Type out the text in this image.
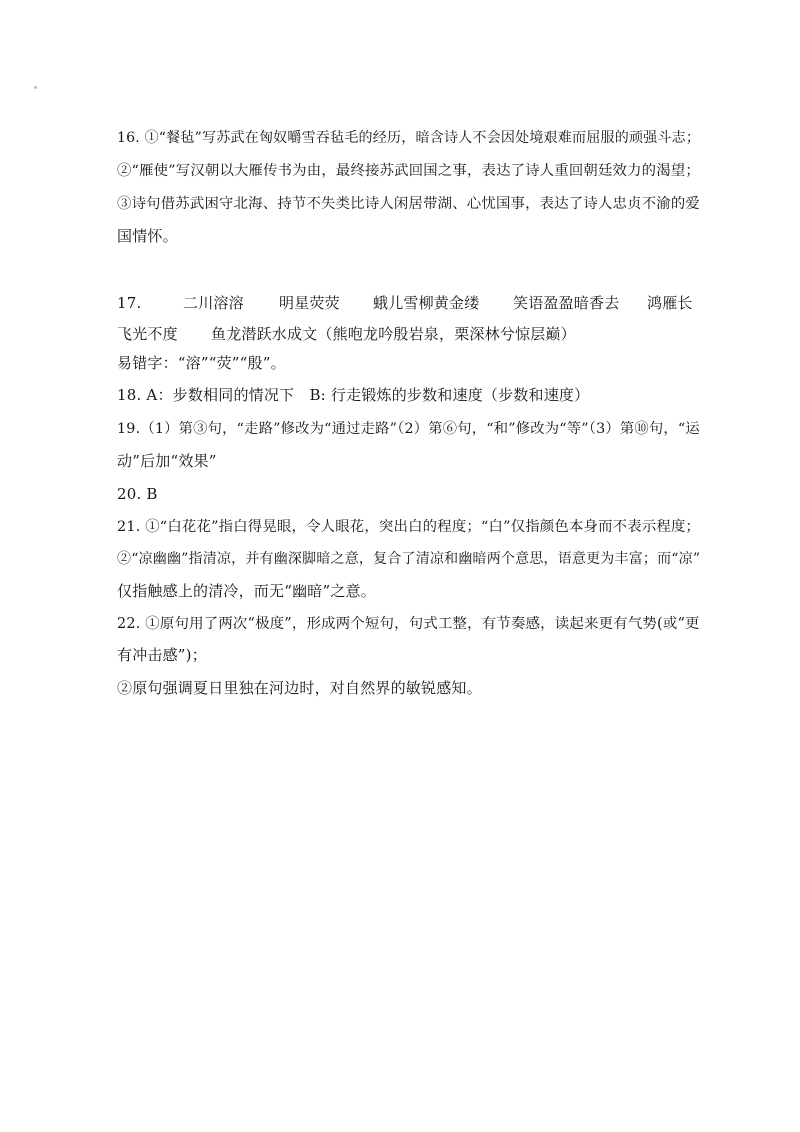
16. ①“餐毡”写苏武在匈奴嚼雪吞毡毛的经历，暗含诗人不会因处境艰难而屈服的顽强斗志；
②“雁使”写汉朝以大雁传书为由，最终接苏武回国之事，表达了诗人重回朝廷效力的渴望；
③诗句借苏武困守北海、持节不失类比诗人闲居带湖、心忧国事，表达了诗人忠贞不渝的爱
国情怀。
17.	二川溶溶 明星荧荧 蛾儿雪柳黄金缕 笑语盈盈暗香去 鸿雁长
飞光不度 鱼龙潜跃水成文（熊咆龙吟殷岩泉，栗深林兮惊层巅）
易错字：“溶”“荧”“殷”。
18. A：步数相同的情况下　B: 行走锻炼的步数和速度（步数和速度）
19.（1）第③句，“走路”修改为“通过走路”（2）第⑥句，“和”修改为“等”（3）第⑩句，“运
动”后加“效果”
20. B
21. ①“白花花”指白得晃眼，令人眼花，突出白的程度；“白”仅指颜色本身而不表示程度；
②“凉幽幽”指清凉，并有幽深脚暗之意，复合了清凉和幽暗两个意思，语意更为丰富；而“凉”
仅指触感上的清冷，而无“幽暗”之意。
22. ①原句用了两次“极度”，形成两个短句，句式工整，有节奏感，读起来更有气势(或“更
有冲击感”)；
②原句强调夏日里独在河边时，对自然界的敏锐感知。
